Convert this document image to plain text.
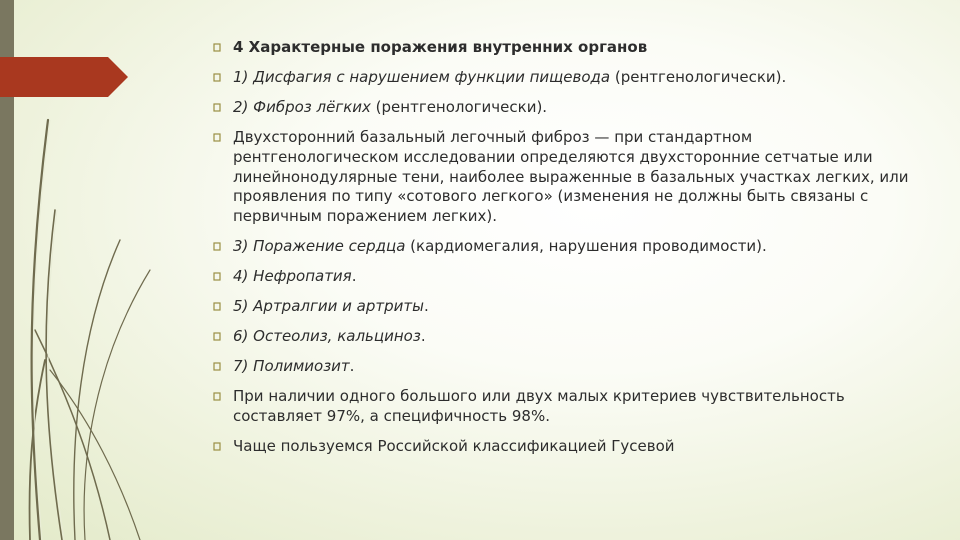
4 Характерные поражения внутренних органов
1) Дисфагия с нарушением функции пищевода (рентгенологически).
2) Фиброз лёгких (рентгенологически).
Двухсторонний базальный легочный фиброз — при стандартном рентгенологическом исследовании определяются двухсторонние сетчатые или линейнонодулярные тени, наиболее выраженные в базальных участках легких, или проявления по типу «сотового легкого» (изменения не должны быть связаны с первичным поражением легких).
3) Поражение сердца (кардиомегалия, нарушения проводимости).
4) Нефропатия.
5) Артралгии и артриты.
6) Остеолиз, кальциноз.
7) Полимиозит.
При наличии одного большого или двух малых критериев чувствительность составляет 97%, а специфичность 98%.
Чаще пользуемся Российской классификацией Гусевой
